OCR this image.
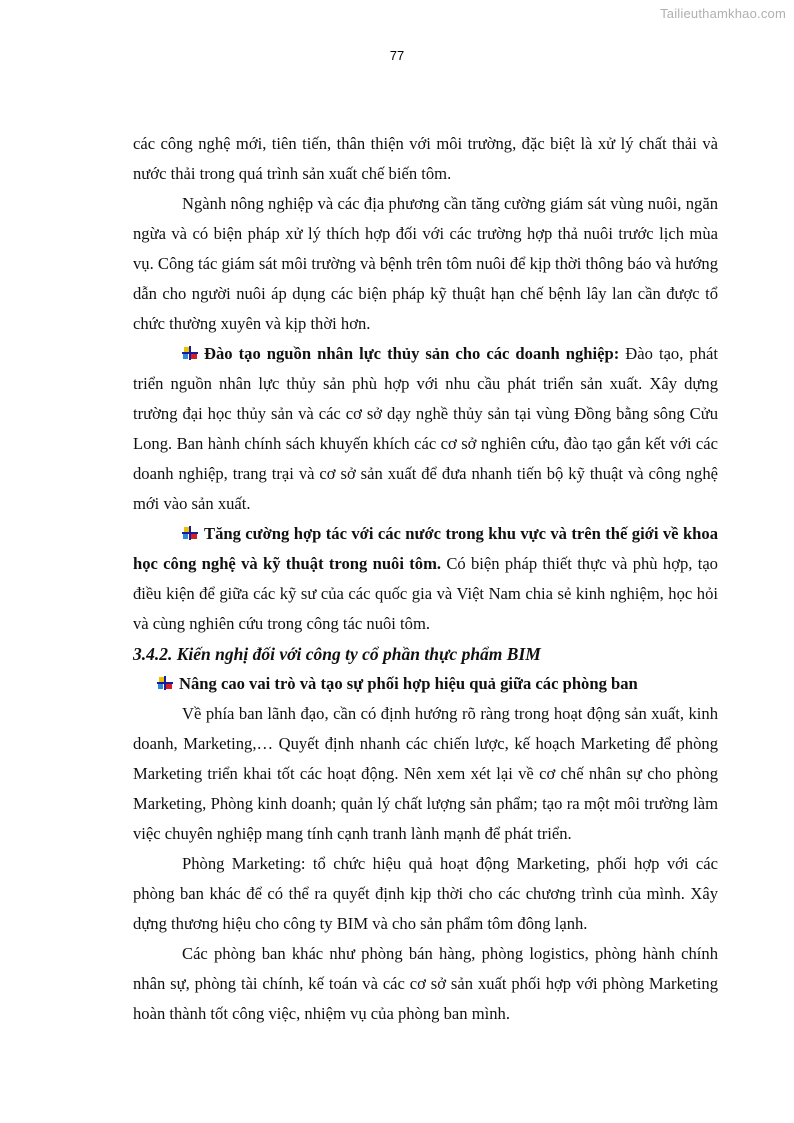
Tailieuthamkhao.com
77

các công nghệ mới, tiên tiến, thân thiện với môi trường, đặc biệt là xử lý chất thải và nước thải trong quá trình sản xuất chế biến tôm.

Ngành nông nghiệp và các địa phương cần tăng cường giám sát vùng nuôi, ngăn ngừa và có biện pháp xử lý thích hợp đối với các trường hợp thả nuôi trước lịch mùa vụ. Công tác giám sát môi trường và bệnh trên tôm nuôi để kịp thời thông báo và hướng dẫn cho người nuôi áp dụng các biện pháp kỹ thuật hạn chế bệnh lây lan cần được tổ chức thường xuyên và kịp thời hơn.

Đào tạo nguồn nhân lực thủy sản cho các doanh nghiệp: Đào tạo, phát triển nguồn nhân lực thủy sản phù hợp với nhu cầu phát triển sản xuất. Xây dựng trường đại học thủy sản và các cơ sở dạy nghề thủy sản tại vùng Đồng bằng sông Cửu Long. Ban hành chính sách khuyến khích các cơ sở nghiên cứu, đào tạo gắn kết với các doanh nghiệp, trang trại và cơ sở sản xuất để đưa nhanh tiến bộ kỹ thuật và công nghệ mới vào sản xuất.

Tăng cường hợp tác với các nước trong khu vực và trên thế giới về khoa học công nghệ và kỹ thuật trong nuôi tôm. Có biện pháp thiết thực và phù hợp, tạo điều kiện để giữa các kỹ sư của các quốc gia và Việt Nam chia sẻ kinh nghiệm, học hỏi và cùng nghiên cứu trong công tác nuôi tôm.

3.4.2. Kiến nghị đối với công ty cổ phần thực phẩm BIM

Nâng cao vai trò và tạo sự phối hợp hiệu quả giữa các phòng ban

Về phía ban lãnh đạo, cần có định hướng rõ ràng trong hoạt động sản xuất, kinh doanh, Marketing,… Quyết định nhanh các chiến lược, kế hoạch Marketing để phòng Marketing triển khai tốt các hoạt động. Nên xem xét lại về cơ chế nhân sự cho phòng Marketing, Phòng kinh doanh; quản lý chất lượng sản phẩm; tạo ra một môi trường làm việc chuyên nghiệp mang tính cạnh tranh lành mạnh để phát triển.

Phòng Marketing: tổ chức hiệu quả hoạt động Marketing, phối hợp với các phòng ban khác để có thể ra quyết định kịp thời cho các chương trình của mình. Xây dựng thương hiệu cho công ty BIM và cho sản phẩm tôm đông lạnh.

Các phòng ban khác như phòng bán hàng, phòng logistics, phòng hành chính nhân sự, phòng tài chính, kế toán và các cơ sở sản xuất phối hợp với phòng Marketing hoàn thành tốt công việc, nhiệm vụ của phòng ban mình.
